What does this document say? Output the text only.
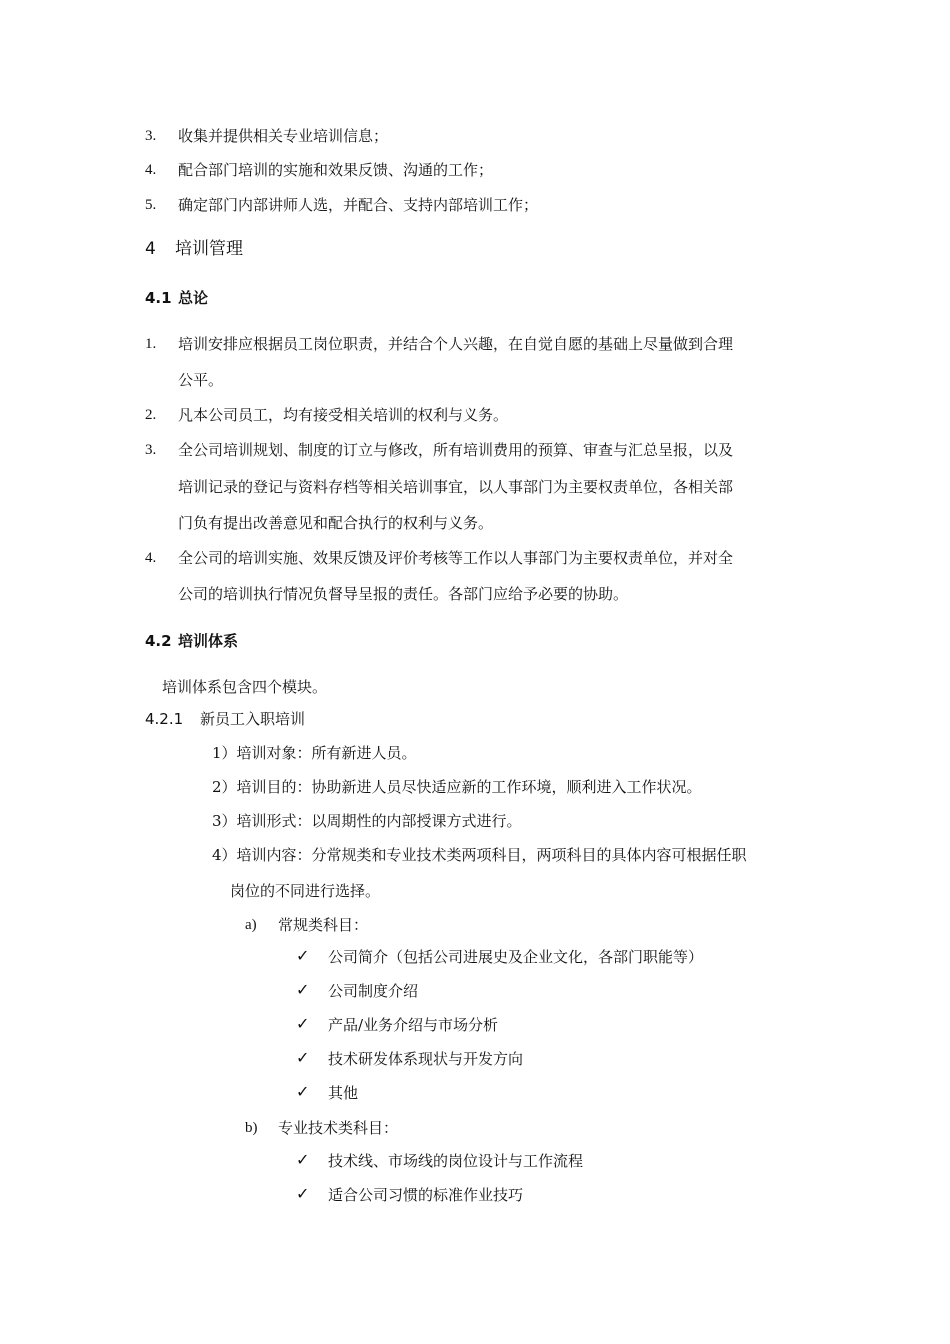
3. 收集并提供相关专业培训信息；
4. 配合部门培训的实施和效果反馈、沟通的工作；
5. 确定部门内部讲师人选，并配合、支持内部培训工作；
4 培训管理
4.1 总论
1. 培训安排应根据员工岗位职责，并结合个人兴趣，在自觉自愿的基础上尽量做到合理
公平。
2. 凡本公司员工，均有接受相关培训的权利与义务。
3. 全公司培训规划、制度的订立与修改，所有培训费用的预算、审查与汇总呈报，以及
培训记录的登记与资料存档等相关培训事宜，以人事部门为主要权责单位，各相关部
门负有提出改善意见和配合执行的权利与义务。
4. 全公司的培训实施、效果反馈及评价考核等工作以人事部门为主要权责单位，并对全
公司的培训执行情况负督导呈报的责任。各部门应给予必要的协助。
4.2 培训体系
培训体系包含四个模块。
4.2.1 新员工入职培训
1）培训对象：所有新进人员。
2）培训目的：协助新进人员尽快适应新的工作环境，顺利进入工作状况。
3）培训形式：以周期性的内部授课方式进行。
4）培训内容：分常规类和专业技术类两项科目，两项科目的具体内容可根据任职
岗位的不同进行选择。
a) 常规类科目：
✓ 公司简介（包括公司进展史及企业文化，各部门职能等）
✓ 公司制度介绍
✓ 产品/业务介绍与市场分析
✓ 技术研发体系现状与开发方向
✓ 其他
b) 专业技术类科目：
✓ 技术线、市场线的岗位设计与工作流程
✓ 适合公司习惯的标准作业技巧
